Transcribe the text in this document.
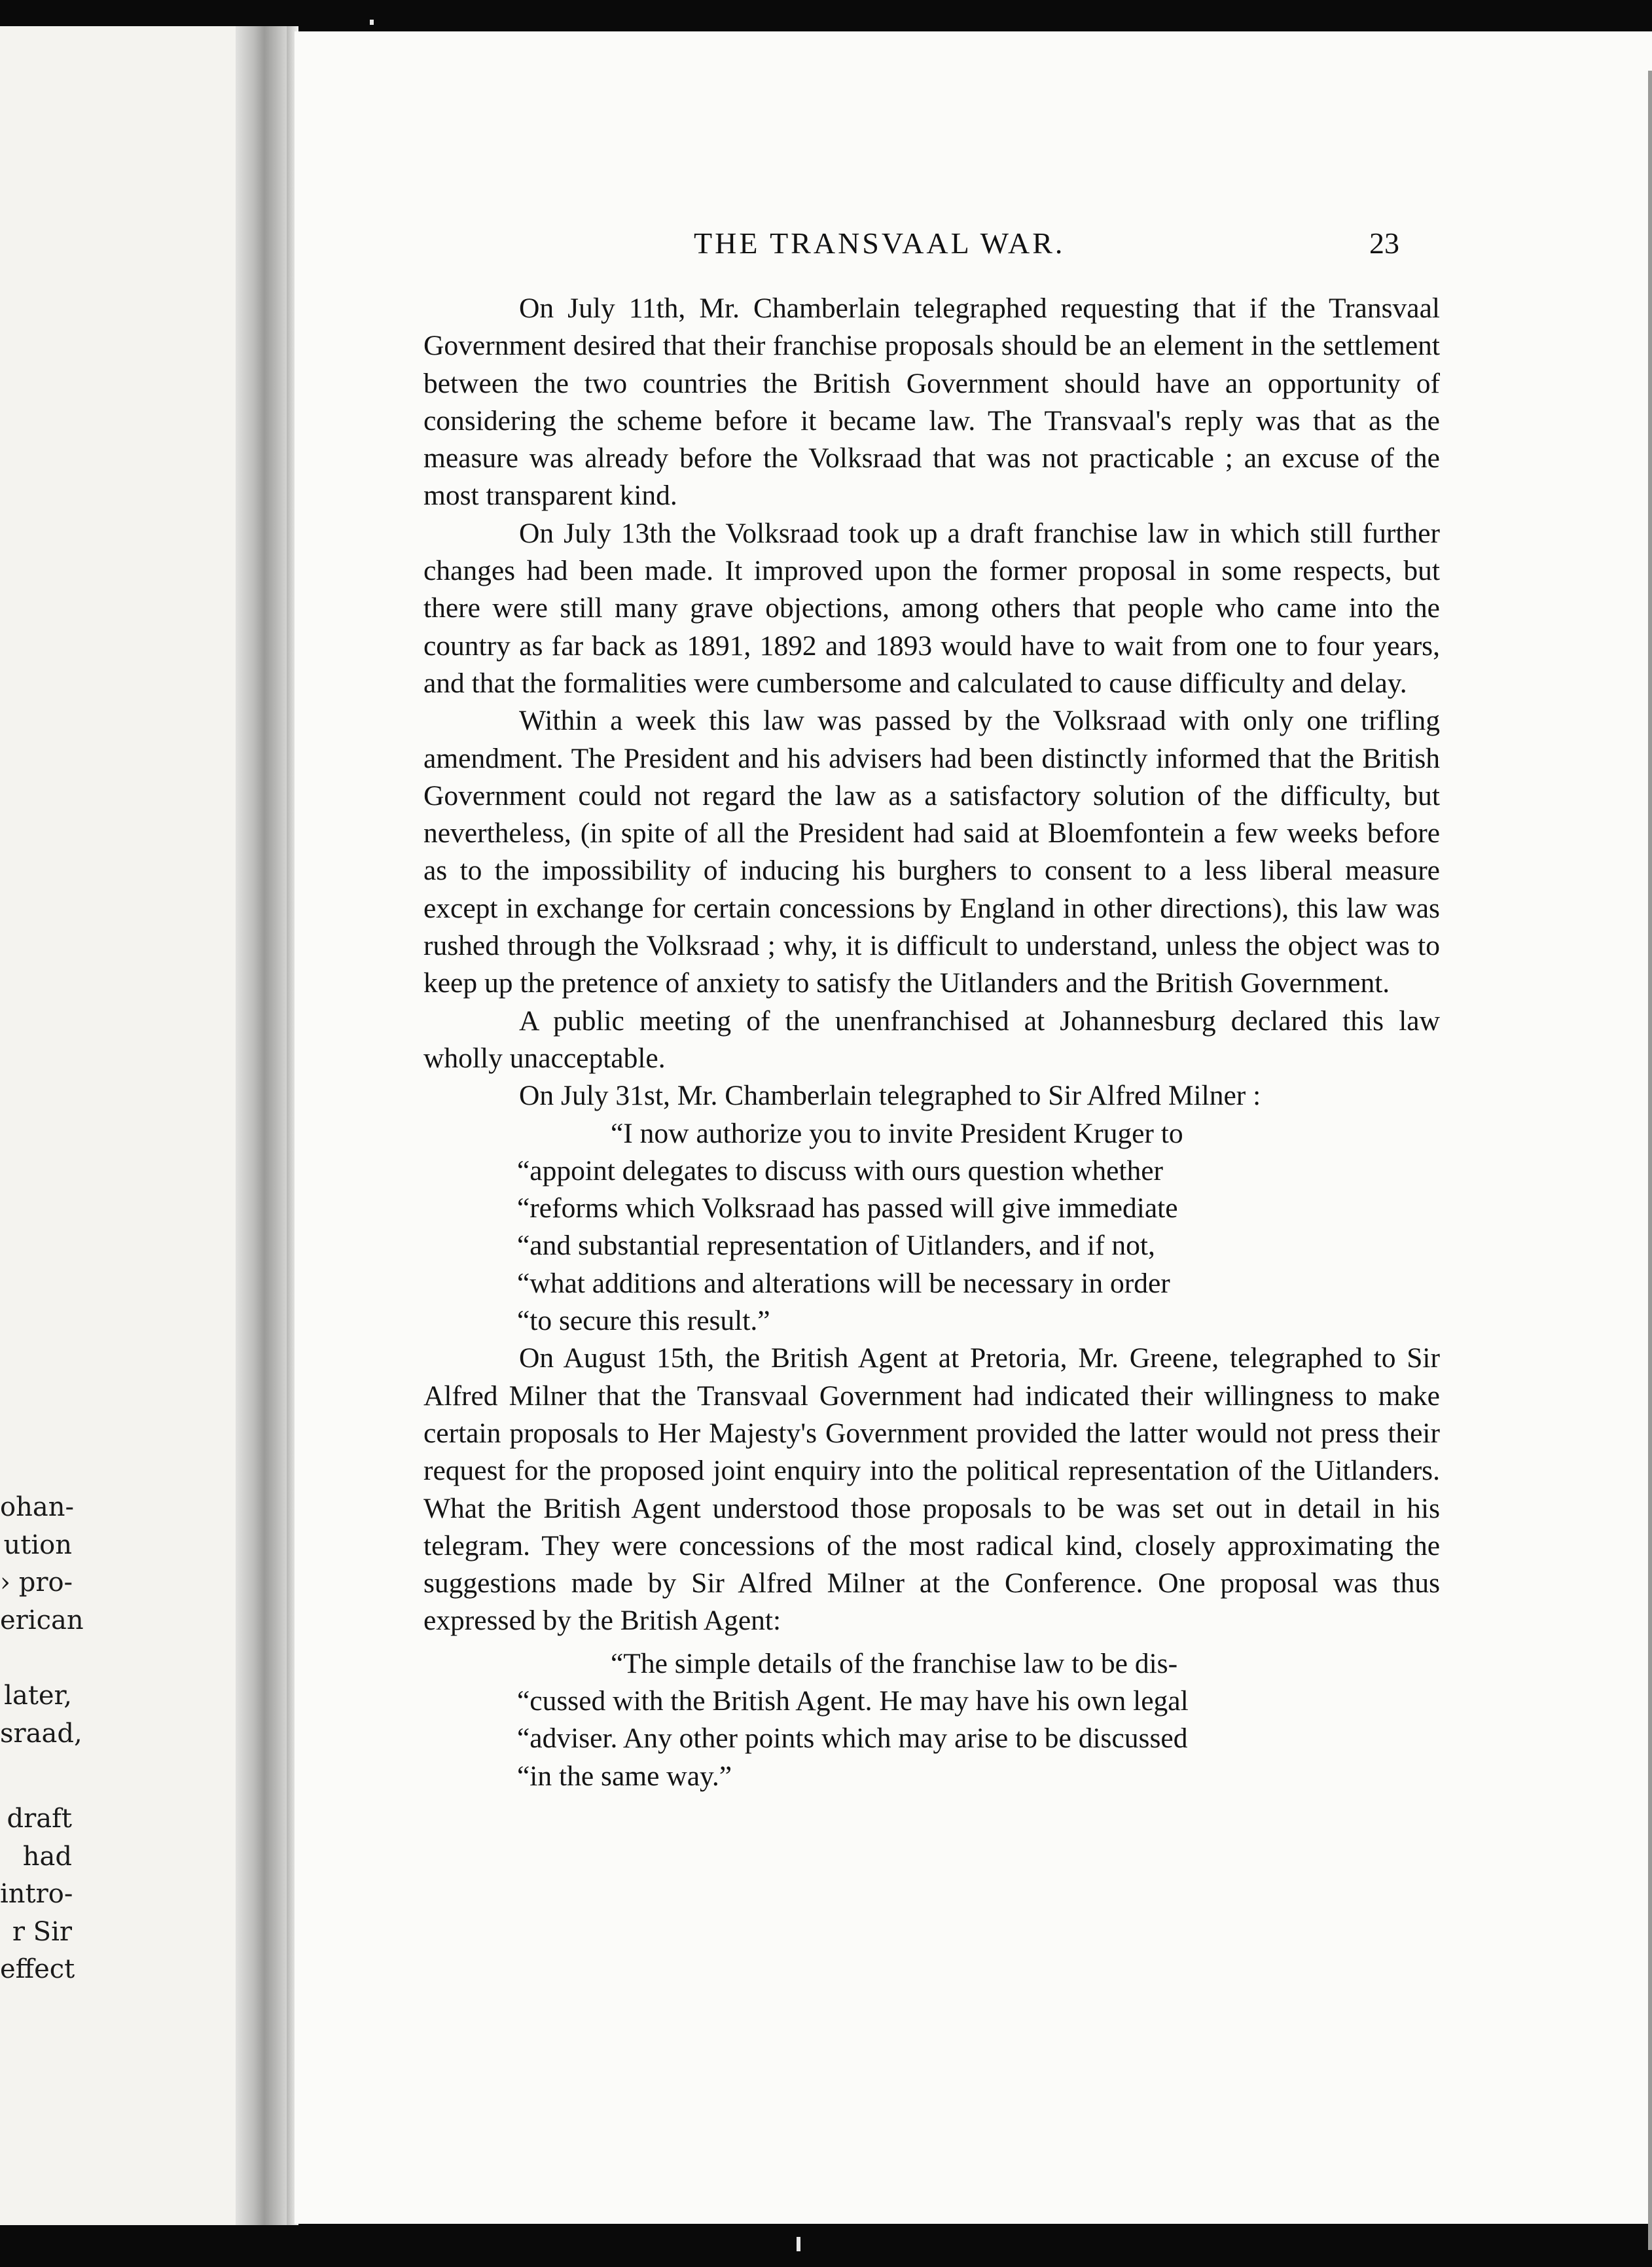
ohan-
ution
› pro-
erican
later,
sraad,
draft
had
intro-
r Sir
effect
THE TRANSVAAL WAR.	23

On July 11th, Mr. Chamberlain telegraphed requesting that if the Transvaal Government desired that their franchise proposals should be an element in the settlement between the two countries the British Government should have an opportunity of considering the scheme before it became law. The Transvaal's reply was that as the measure was already before the Volksraad that was not practicable ; an excuse of the most transparent kind.

On July 13th the Volksraad took up a draft franchise law in which still further changes had been made. It improved upon the former proposal in some respects, but there were still many grave objections, among others that people who came into the country as far back as 1891, 1892 and 1893 would have to wait from one to four years, and that the formalities were cumbersome and calculated to cause difficulty and delay.

Within a week this law was passed by the Volksraad with only one trifling amendment. The President and his advisers had been distinctly informed that the British Government could not regard the law as a satisfactory solution of the difficulty, but nevertheless, (in spite of all the President had said at Bloemfontein a few weeks before as to the impossibility of inducing his burghers to consent to a less liberal measure except in exchange for certain concessions by England in other directions), this law was rushed through the Volksraad ; why, it is difficult to understand, unless the object was to keep up the pretence of anxiety to satisfy the Uitlanders and the British Government.

A public meeting of the unenfranchised at Johannesburg declared this law wholly unacceptable.

On July 31st, Mr. Chamberlain telegraphed to Sir Alfred Milner :

“I now authorize you to invite President Kruger to
“appoint delegates to discuss with ours question whether
“reforms which Volksraad has passed will give immediate
“and substantial representation of Uitlanders, and if not,
“what additions and alterations will be necessary in order
“to secure this result.”

On August 15th, the British Agent at Pretoria, Mr. Greene, telegraphed to Sir Alfred Milner that the Transvaal Government had indicated their willingness to make certain proposals to Her Majesty's Government provided the latter would not press their request for the proposed joint enquiry into the political representation of the Uitlanders. What the British Agent understood those proposals to be was set out in detail in his telegram. They were concessions of the most radical kind, closely approximating the suggestions made by Sir Alfred Milner at the Conference. One proposal was thus expressed by the British Agent:

“The simple details of the franchise law to be dis-
“cussed with the British Agent. He may have his own legal
“adviser. Any other points which may arise to be discussed
“in the same way.”
